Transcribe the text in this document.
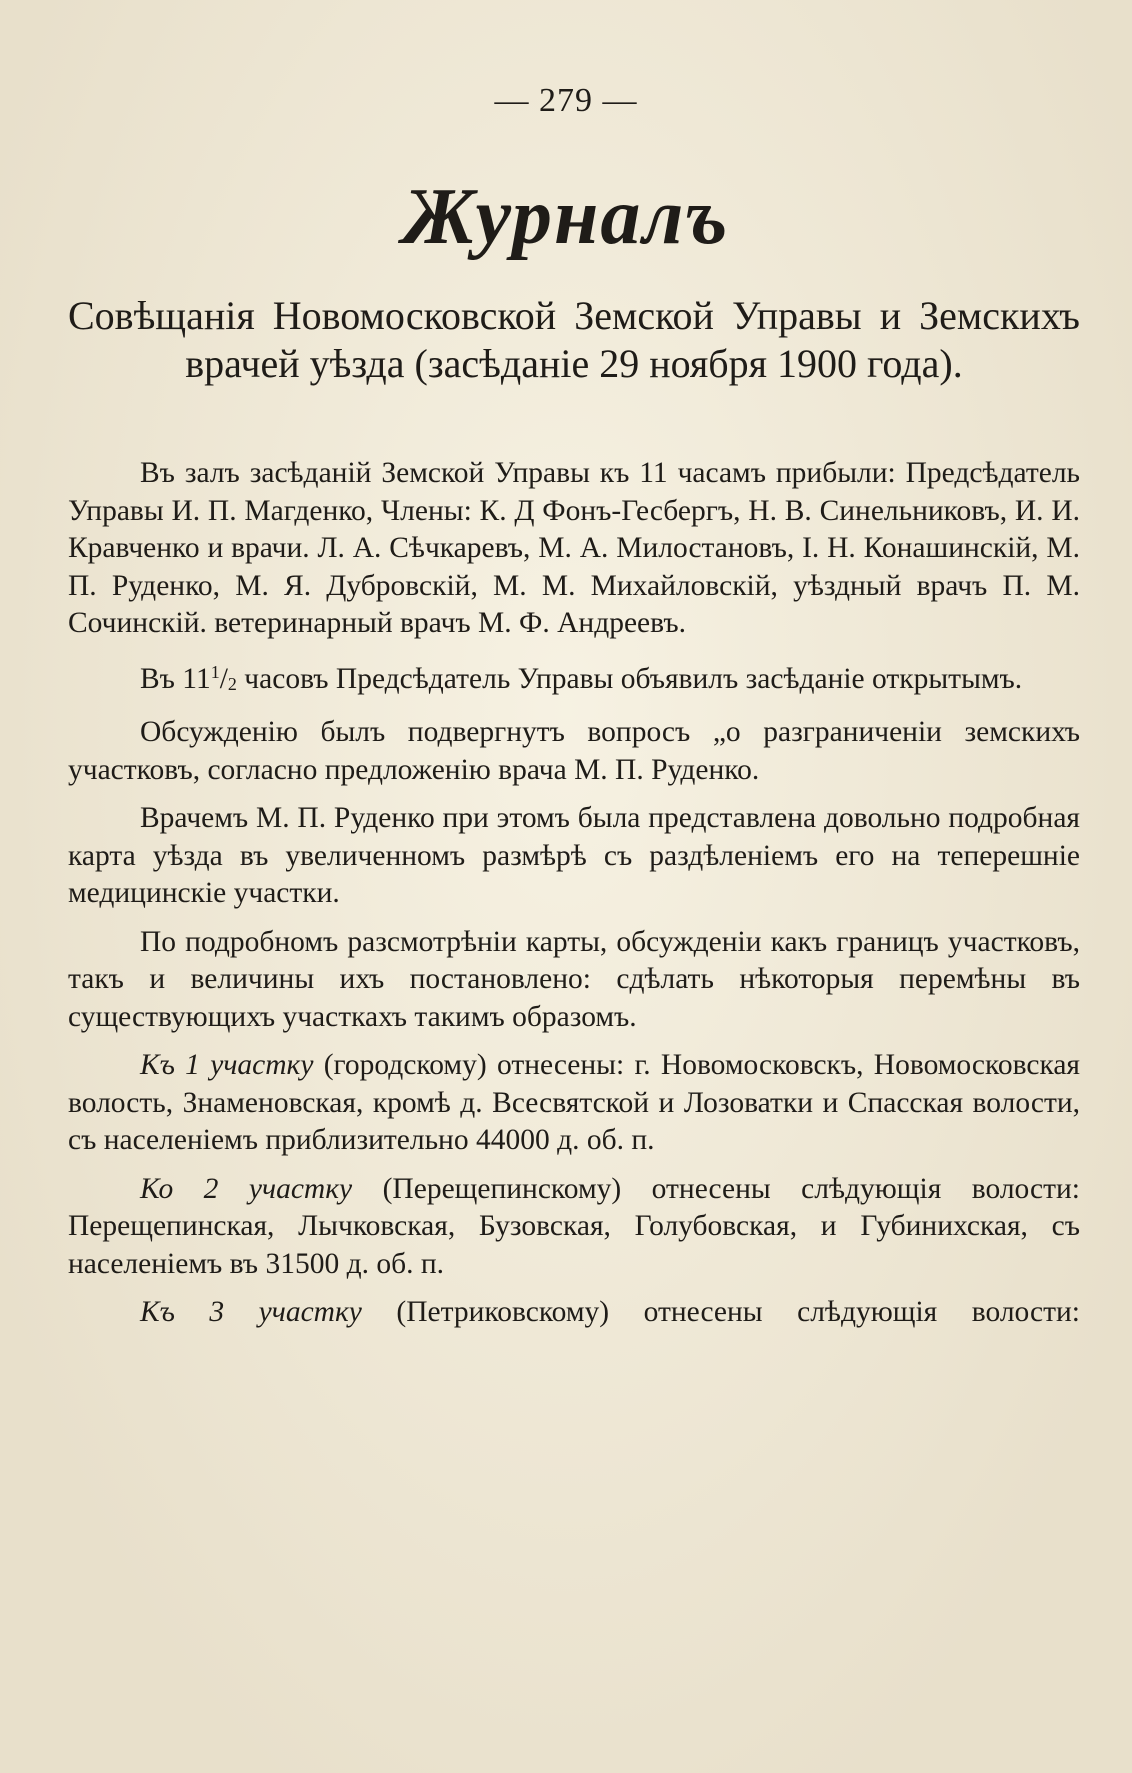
— 279 —
Журналъ
Совѣщанія Новомосковской Земской Управы и Земскихъ врачей уѣзда (засѣданіе 29 ноября 1900 года).

Въ залъ засѣданій Земской Управы къ 11 часамъ прибыли: Предсѣдатель Управы И. П. Магденко, Члены: К. Д Фонъ-Гесбергъ, Н. В. Синельниковъ, И. И. Кравченко и врачи. Л. А. Сѣчкаревъ, М. А. Милостановъ, І. Н. Конашинскій, М. П. Руденко, М. Я. Дубровскій, М. М. Михайловскій, уѣздный врачъ П. М. Сочинскій. ветеринарный врачъ М. Ф. Андреевъ.

Въ $11^1/_2$ часовъ Предсѣдатель Управы объявилъ засѣданіе открытымъ.

Обсужденію былъ подвергнутъ вопросъ „о разграниченіи земскихъ участковъ, согласно предложенію врача М. П. Руденко.

Врачемъ М. П. Руденко при этомъ была представлена довольно подробная карта уѣзда въ увеличенномъ размѣрѣ съ раздѣленіемъ его на теперешніе медицинскіе участки.

По подробномъ разсмотрѣніи карты, обсужденіи какъ границъ участковъ, такъ и величины ихъ постановлено: сдѣлать нѣкоторыя перемѣны въ существующихъ участкахъ такимъ образомъ.

Къ 1 участку (городскому) отнесены: г. Новомосковскъ, Новомосковская волость, Знаменовская, кромѣ д. Всесвятской и Лозоватки и Спасская волости, съ населеніемъ приблизительно 44000 д. об. п.

Ко 2 участку (Перещепинскому) отнесены слѣдующія волости: Перещепинская, Лычковская, Бузовская, Голубовская, и Губинихская, съ населеніемъ въ 31500 д. об. п.

Къ 3 участку (Петриковскому) отнесены слѣдующія волости:
